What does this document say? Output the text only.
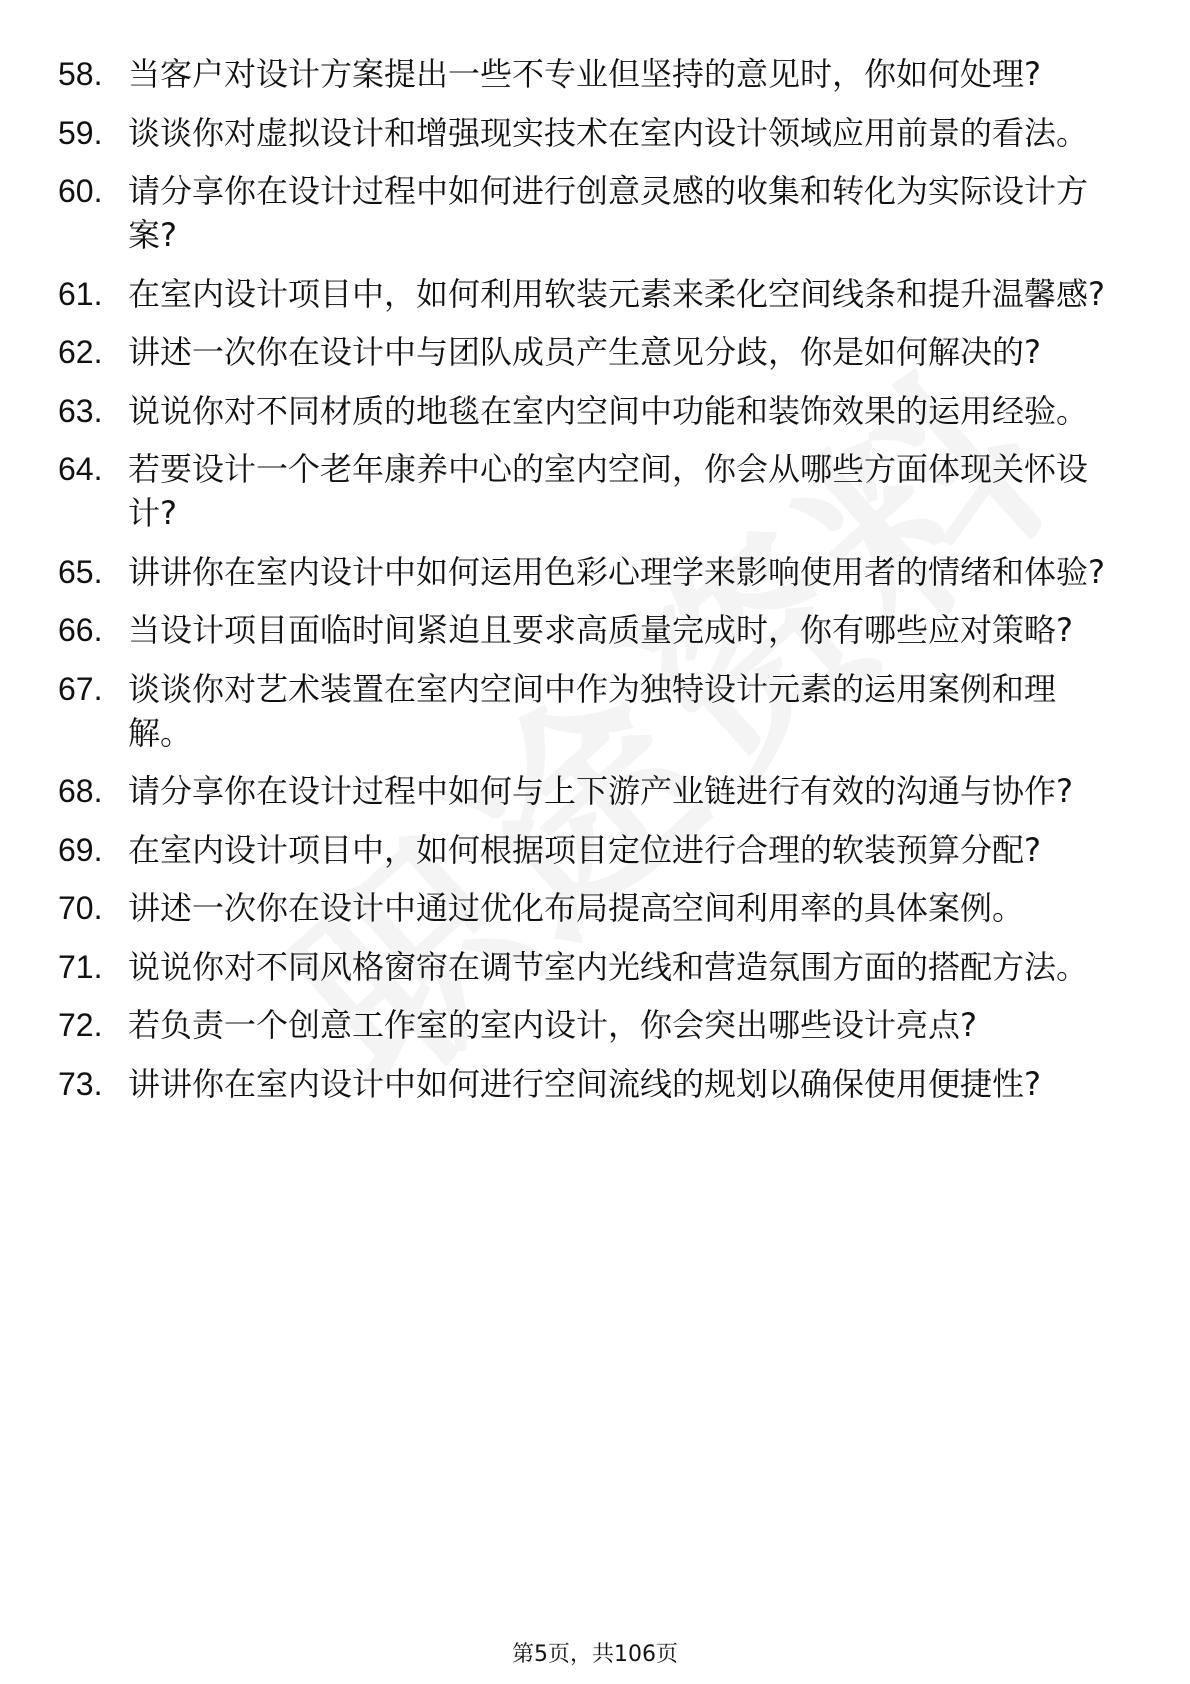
58. 当客户对设计方案提出一些不专业但坚持的意见时，你如何处理?
59. 谈谈你对虚拟设计和增强现实技术在室内设计领域应用前景的看法。
60. 请分享你在设计过程中如何进行创意灵感的收集和转化为实际设计方案?
61. 在室内设计项目中，如何利用软装元素来柔化空间线条和提升温馨感?
62. 讲述一次你在设计中与团队成员产生意见分歧，你是如何解决的?
63. 说说你对不同材质的地毯在室内空间中功能和装饰效果的运用经验。
64. 若要设计一个老年康养中心的室内空间，你会从哪些方面体现关怀设计?
65. 讲讲你在室内设计中如何运用色彩心理学来影响使用者的情绪和体验?
66. 当设计项目面临时间紧迫且要求高质量完成时，你有哪些应对策略?
67. 谈谈你对艺术装置在室内空间中作为独特设计元素的运用案例和理解。
68. 请分享你在设计过程中如何与上下游产业链进行有效的沟通与协作?
69. 在室内设计项目中，如何根据项目定位进行合理的软装预算分配?
70. 讲述一次你在设计中通过优化布局提高空间利用率的具体案例。
71. 说说你对不同风格窗帘在调节室内光线和营造氛围方面的搭配方法。
72. 若负责一个创意工作室的室内设计，你会突出哪些设计亮点?
73. 讲讲你在室内设计中如何进行空间流线的规划以确保使用便捷性?
第5页，共106页
